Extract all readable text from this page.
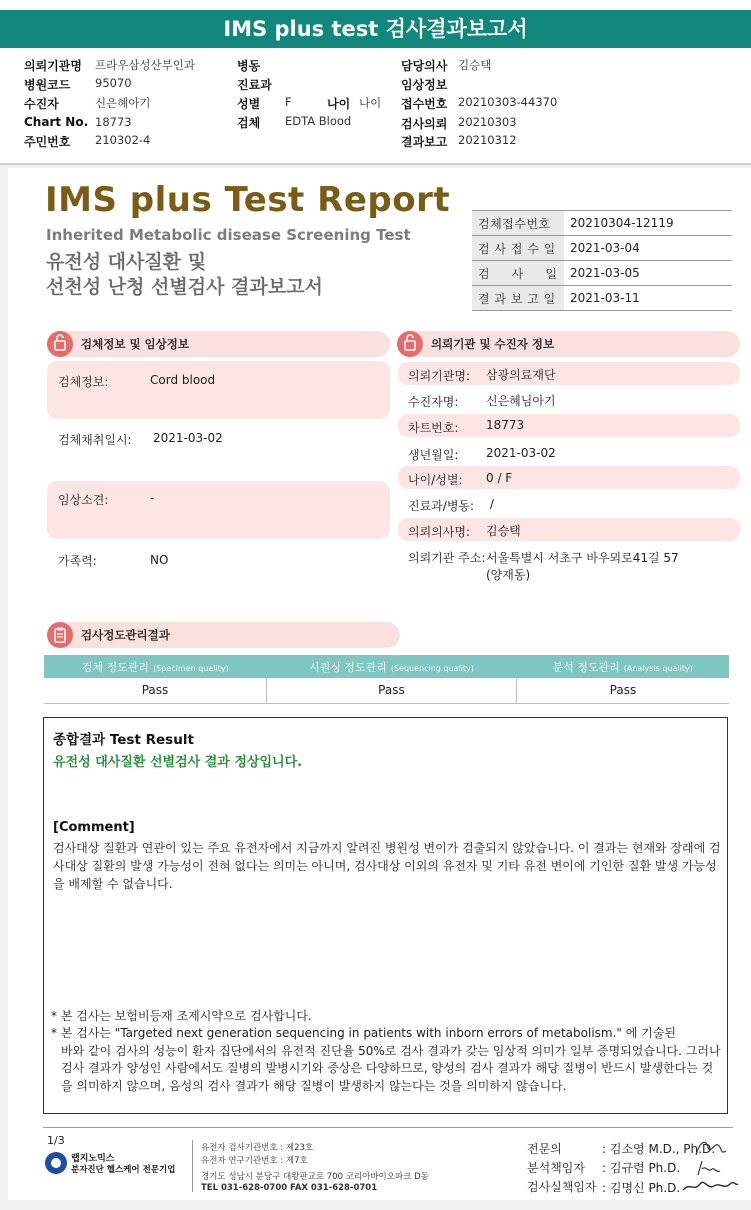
IMS plus test 검사결과보고서
의뢰기관명 프라우삼성산부인과
병원코드 95070
수진자	신은혜아기
Chart No. 18773
주민번호 210302-4
병동
진료과
성별 F	나이 나이
검체 EDTA Blood
담당의사 김승택
임상정보
접수번호 20210303-44370
검사의뢰 20210303
결과보고 20210312
IMS plus Test Report
Inherited Metabolic disease Screening Test
유전성 대사질환 및
선천성 난청 선별검사 결과보고서
검체접수번호	20210304-12119
검 사 접 수 일	2021-03-04
검     사     일	2021-03-05
결 과 보 고 일	2021-03-11
검체정보 및 임상정보	의뢰기관 및 수진자 정보
검체정보:	Cord blood
검체채취일시: 2021-03-02
임상소견:	-
가족력:	NO
의뢰기관명: 삼광의료재단
수진자명: 신은혜님아기
차트번호: 18773
생년월일: 2021-03-02
나이/성별: 0 / F
진료과/병동: /
의뢰의사명: 김승택
의뢰기관 주소: 서울특별시 서초구 바우뫼로41길 57
(양재동)
검사정도관리결과
검체 정도관리 (Specimen quality)	시퀀싱 정도관리 (Sequencing quality)	분석 정도관리 (Analysis quality)
Pass	Pass	Pass
종합결과 Test Result
유전성 대사질환 선별검사 결과 정상입니다.
[Comment]
검사대상 질환과 연관이 있는 주요 유전자에서 지금까지 알려진 병원성 변이가 검출되지 않았습니다. 이 결과는 현재와 장래에 검사대상 질환의 발생 가능성이 전혀 없다는 의미는 아니며, 검사대상 이외의 유전자 및 기타 유전 변이에 기인한 질환 발생 가능성을 배제할 수 없습니다.
* 본 검사는 보험비등재 조제시약으로 검사합니다.
* 본 검사는 "Targeted next generation sequencing in patients with inborn errors of metabolism." 에 기술된
바와 같이 검사의 성능이 환자 집단에서의 유전적 진단율 50%로 검사 결과가 갖는 임상적 의미가 일부 증명되었습니다. 그러나 검사 결과가 양성인 사람에서도 질병의 발병시기와 증상은 다양하므로, 양성의 검사 결과가 해당 질병이 반드시 발생한다는 것을 의미하지 않으며, 음성의 검사 결과가 해당 질병이 발생하지 않는다는 것을 의미하지 않습니다.
1/3
랩지노믹스
분자진단 헬스케어 전문기업
유전자 검사기관번호 : 제23호
유전자 연구기관번호 : 제7호
경기도 성남시 분당구 대왕판교로 700 코리아바이오파크 D동
TEL 031-628-0700 FAX 031-628-0701
전문의	: 김소영 M.D., Ph.D.
분석책임자 : 김규렴 Ph.D.
검사실책임자 : 김명신 Ph.D.
